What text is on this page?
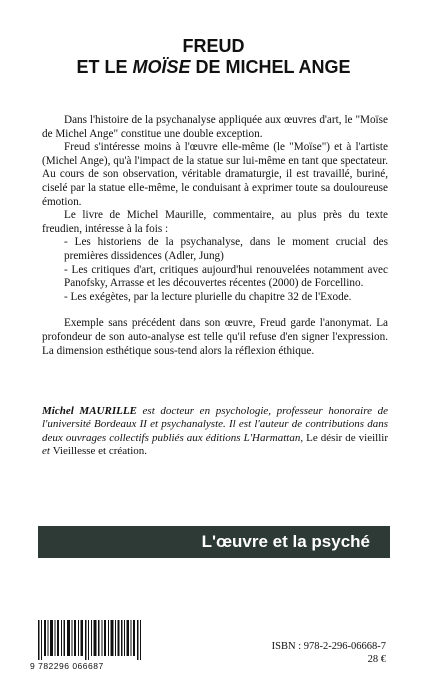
FREUD
ET LE MOÏSE DE MICHEL ANGE

Dans l'histoire de la psychanalyse appliquée aux œuvres d'art, le "Moïse de Michel Ange" constitue une double exception.

Freud s'intéresse moins à l'œuvre elle-même (le "Moïse") et à l'artiste (Michel Ange), qu'à l'impact de la statue sur lui-même en tant que spectateur. Au cours de son observation, véritable dramaturgie, il est travaillé, buriné, ciselé par la statue elle-même, le conduisant à exprimer toute sa douloureuse émotion.

Le livre de Michel Maurille, commentaire, au plus près du texte freudien, intéresse à la fois :

- Les historiens de la psychanalyse, dans le moment crucial des premières dissidences (Adler, Jung)
- Les critiques d'art, critiques aujourd'hui renouvelées notamment avec Panofsky, Arrasse et les découvertes récentes (2000) de Forcellino.
- Les exégètes, par la lecture plurielle du chapitre 32 de l'Exode.

Exemple sans précédent dans son œuvre, Freud garde l'anonymat. La profondeur de son auto-analyse est telle qu'il refuse d'en signer l'expression. La dimension esthétique sous-tend alors la réflexion éthique.

Michel MAURILLE est docteur en psychologie, professeur honoraire de l'université Bordeaux II et psychanalyste. Il est l'auteur de contributions dans deux ouvrages collectifs publiés aux éditions L'Harmattan, Le désir de vieillir et Vieillesse et création.
L'œuvre et la psyché
9 782296 066687
ISBN : 978-2-296-06668-7
28 €
